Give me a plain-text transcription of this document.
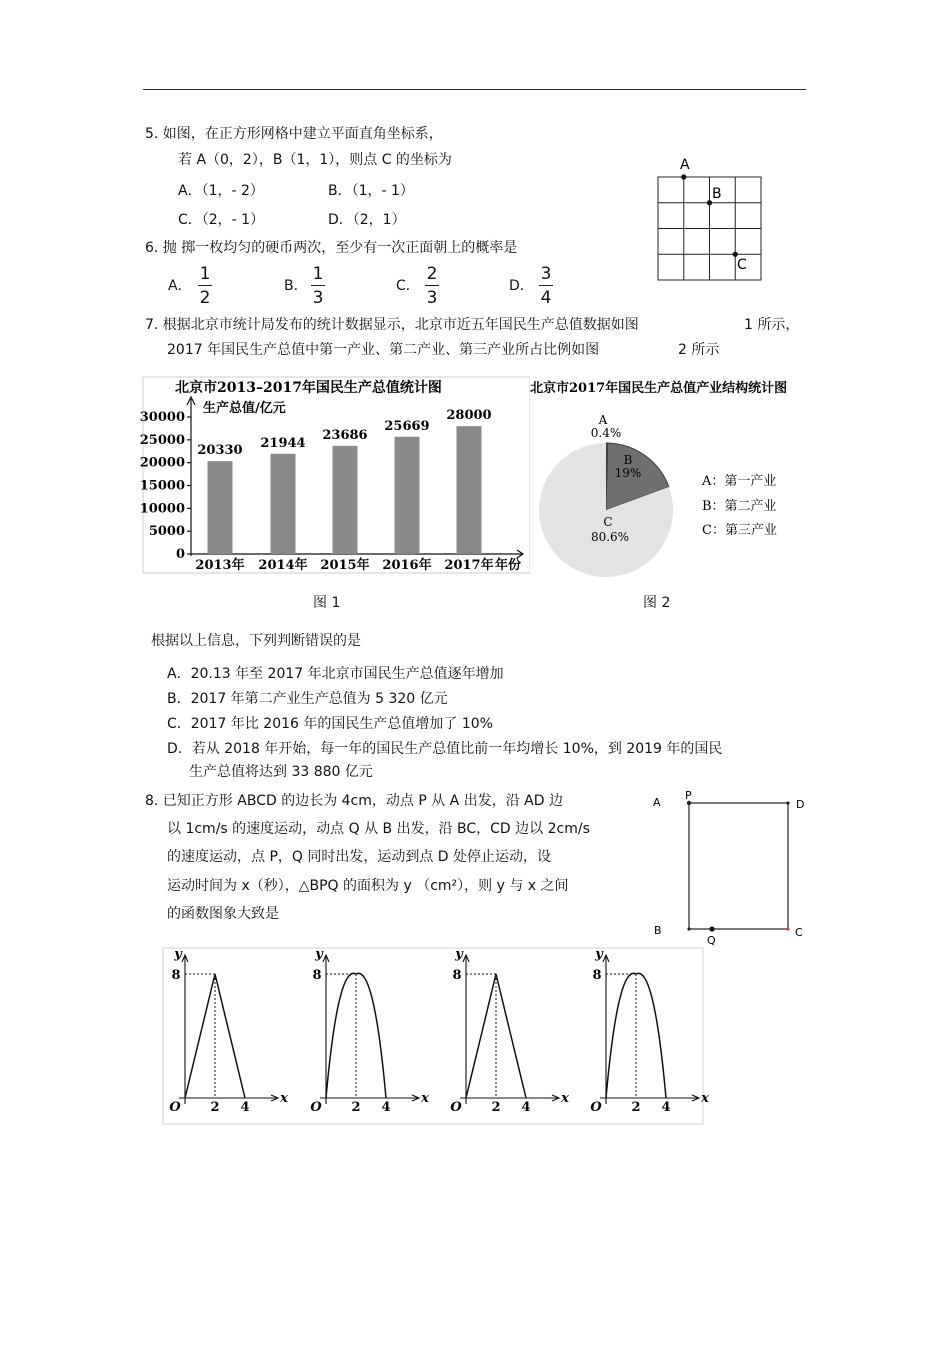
5. 如图，在正方形网格中建立平面直角坐标系，
若 A（0，2），B（1，1），则点 C 的坐标为
A．（1，- 2）	B．（1，- 1）
C．（2，- 1）	D．（2，1）
A
B
C
6. 抛 掷一枚均匀的硬币两次，至少有一次正面朝上的概率是
A．
1
2
B．
1
3
C．
2
3
D．
3
4
7. 根据北京市统计局发布的统计数据显示，北京市近五年国民生产总值数据如图	1 所示，
2017 年国民生产总值中第一产业、第二产业、第三产业所占比例如图	2 所示
北京市2013–2017年国民生产总值统计图
生产总值/亿元
0
5000
10000
15000
20000
25000
30000
20330 21944
23686
25669
28000
2013年 2014年 2015年 2016年 2017年 年份
北京市2017年国民生产总值产业结构统计图
A
0.4%
B
19%
C
80.6%
A：第一产业
B：第二产业
C：第三产业
图 1	图 2
根据以上信息，下列判断错误的是
A．20.13 年至 2017 年北京市国民生产总值逐年增加
B．2017 年第二产业生产总值为 5 320 亿元
C．2017 年比 2016 年的国民生产总值增加了 10%
D．若从 2018 年开始，每一年的国民生产总值比前一年均增长 10%，到 2019 年的国民
生产总值将达到 33 880 亿元
8. 已知正方形 ABCD 的边长为 4cm，动点 P 从 A 出发，沿 AD 边
以 1cm/s 的速度运动，动点 Q 从 B 出发，沿 BC，CD 边以 2cm/s
的速度运动，点 P，Q 同时出发，运动到点 D 处停止运动，设
运动时间为 x（秒），△BPQ 的面积为 y （cm²），则 y 与 x 之间
的函数图象大致是
A
P
D
B
Q
C
y
x
O
8
2 4
y
x
O
8
2 4
y
x
O
8
2 4
y
x
O
8
2 4
